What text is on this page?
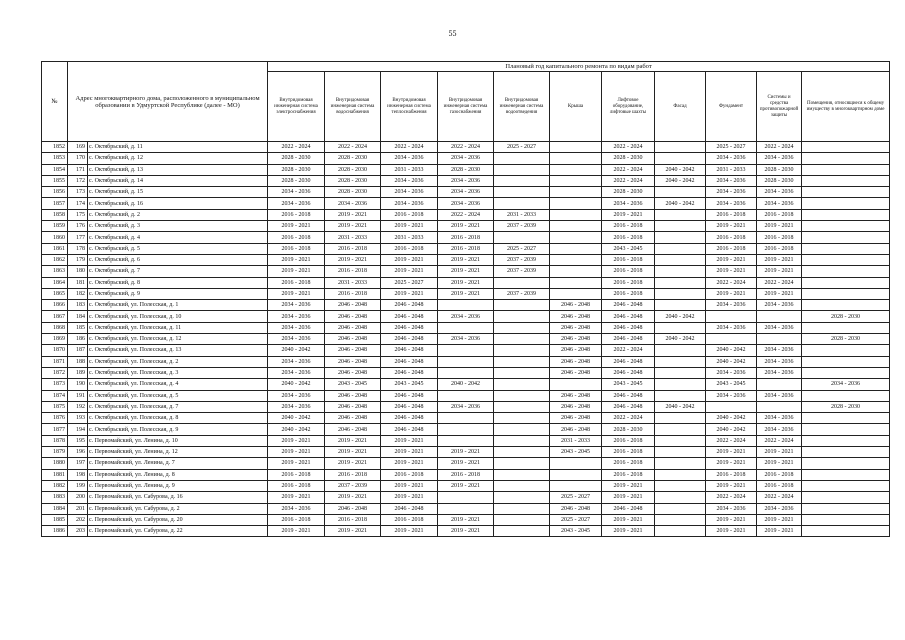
55
№	Адрес многоквартирного дома, расположенного в муниципальном образовании в Удмуртской Республике (далее - МО)		Плановый год капитального ремонта по видам работ										
			Внутридомовая инженерная система электроснабжения	Внутридомовая инженерная система водоснабжения	Внутридомовая инженерная система теплоснабжения	Внутридомовая инженерная система газоснабжения	Внутридомовая инженерная система водоотведения	Крыша	Лифтовое оборудование, лифтовые шахты	Фасад	Фундамент	Системы и средства противопожарной защиты	Помещения, относящиеся к общему имуществу в многоквартирном доме
1852	169	с. Октябрьский, д. 11	2022 - 2024	2022 - 2024	2022 - 2024	2022 - 2024	2025 - 2027		2022 - 2024		2025 - 2027	2022 - 2024	
1853	170	с. Октябрьский, д. 12	2028 - 2030	2028 - 2030	2034 - 2036	2034 - 2036			2028 - 2030		2034 - 2036	2034 - 2036	
1854	171	с. Октябрьский, д. 13	2028 - 2030	2028 - 2030	2031 - 2033	2028 - 2030			2022 - 2024	2040 - 2042	2031 - 2033	2028 - 2030	
1855	172	с. Октябрьский, д. 14	2028 - 2030	2028 - 2030	2034 - 2036	2034 - 2036			2022 - 2024	2040 - 2042	2034 - 2036	2028 - 2030	
1856	173	с. Октябрьский, д. 15	2034 - 2036	2028 - 2030	2034 - 2036	2034 - 2036			2028 - 2030		2034 - 2036	2034 - 2036	
1857	174	с. Октябрьский, д. 16	2034 - 2036	2034 - 2036	2034 - 2036	2034 - 2036			2034 - 2036	2040 - 2042	2034 - 2036	2034 - 2036	
1858	175	с. Октябрьский, д. 2	2016 - 2018	2019 - 2021	2016 - 2018	2022 - 2024	2031 - 2033		2019 - 2021		2016 - 2018	2016 - 2018	
1859	176	с. Октябрьский, д. 3	2019 - 2021	2019 - 2021	2019 - 2021	2019 - 2021	2037 - 2039		2016 - 2018		2019 - 2021	2019 - 2021	
1860	177	с. Октябрьский, д. 4	2016 - 2018	2031 - 2033	2031 - 2033	2016 - 2018			2016 - 2018		2016 - 2018	2016 - 2018	
1861	178	с. Октябрьский, д. 5	2016 - 2018	2016 - 2018	2016 - 2018	2016 - 2018	2025 - 2027		2043 - 2045		2016 - 2018	2016 - 2018	
1862	179	с. Октябрьский, д. 6	2019 - 2021	2019 - 2021	2019 - 2021	2019 - 2021	2037 - 2039		2016 - 2018		2019 - 2021	2019 - 2021	
1863	180	с. Октябрьский, д. 7	2019 - 2021	2016 - 2018	2019 - 2021	2019 - 2021	2037 - 2039		2016 - 2018		2019 - 2021	2019 - 2021	
1864	181	с. Октябрьский, д. 8	2016 - 2018	2031 - 2033	2025 - 2027	2019 - 2021			2016 - 2018		2022 - 2024	2022 - 2024	
1865	182	с. Октябрьский, д. 9	2019 - 2021	2016 - 2018	2019 - 2021	2019 - 2021	2037 - 2039		2016 - 2018		2019 - 2021	2019 - 2021	
1866	183	с. Октябрьский, ул. Полесская, д. 1	2034 - 2036	2046 - 2048	2046 - 2048			2046 - 2048	2046 - 2048		2034 - 2036	2034 - 2036	
1867	184	с. Октябрьский, ул. Полесская, д. 10	2034 - 2036	2046 - 2048	2046 - 2048	2034 - 2036		2046 - 2048	2046 - 2048	2040 - 2042			2028 - 2030
1868	185	с. Октябрьский, ул. Полесская, д. 11	2034 - 2036	2046 - 2048	2046 - 2048			2046 - 2048	2046 - 2048		2034 - 2036	2034 - 2036	
1869	186	с. Октябрьский, ул. Полесская, д. 12	2034 - 2036	2046 - 2048	2046 - 2048	2034 - 2036		2046 - 2048	2046 - 2048	2040 - 2042			2028 - 2030
1870	187	с. Октябрьский, ул. Полесская, д. 13	2040 - 2042	2046 - 2048	2046 - 2048			2046 - 2048	2022 - 2024		2040 - 2042	2034 - 2036	
1871	188	с. Октябрьский, ул. Полесская, д. 2	2034 - 2036	2046 - 2048	2046 - 2048			2046 - 2048	2046 - 2048		2040 - 2042	2034 - 2036	
1872	189	с. Октябрьский, ул. Полесская, д. 3	2034 - 2036	2046 - 2048	2046 - 2048			2046 - 2048	2046 - 2048		2034 - 2036	2034 - 2036	
1873	190	с. Октябрьский, ул. Полесская, д. 4	2040 - 2042	2043 - 2045	2043 - 2045	2040 - 2042			2043 - 2045		2043 - 2045		2034 - 2036
1874	191	с. Октябрьский, ул. Полесская, д. 5	2034 - 2036	2046 - 2048	2046 - 2048			2046 - 2048	2046 - 2048		2034 - 2036	2034 - 2036	
1875	192	с. Октябрьский, ул. Полесская, д. 7	2034 - 2036	2046 - 2048	2046 - 2048	2034 - 2036		2046 - 2048	2046 - 2048	2040 - 2042			2028 - 2030
1876	193	с. Октябрьский, ул. Полесская, д. 8	2040 - 2042	2046 - 2048	2046 - 2048			2046 - 2048	2022 - 2024		2040 - 2042	2034 - 2036	
1877	194	с. Октябрьский, ул. Полесская, д. 9	2040 - 2042	2046 - 2048	2046 - 2048			2046 - 2048	2028 - 2030		2040 - 2042	2034 - 2036	
1878	195	с. Первомайский, ул. Ленина, д. 10	2019 - 2021	2019 - 2021	2019 - 2021			2031 - 2033	2016 - 2018		2022 - 2024	2022 - 2024	
1879	196	с. Первомайский, ул. Ленина, д. 12	2019 - 2021	2019 - 2021	2019 - 2021	2019 - 2021		2043 - 2045	2016 - 2018		2019 - 2021	2019 - 2021	
1880	197	с. Первомайский, ул. Ленина, д. 7	2019 - 2021	2019 - 2021	2019 - 2021	2019 - 2021			2016 - 2018		2019 - 2021	2019 - 2021	
1881	198	с. Первомайский, ул. Ленина, д. 8	2016 - 2018	2016 - 2018	2016 - 2018	2016 - 2018			2016 - 2018		2016 - 2018	2016 - 2018	
1882	199	с. Первомайский, ул. Ленина, д. 9	2016 - 2018	2037 - 2039	2019 - 2021	2019 - 2021			2019 - 2021		2019 - 2021	2016 - 2018	
1883	200	с. Первомайский, ул. Сабурова, д. 16	2019 - 2021	2019 - 2021	2019 - 2021			2025 - 2027	2019 - 2021		2022 - 2024	2022 - 2024	
1884	201	с. Первомайский, ул. Сабурова, д. 2	2034 - 2036	2046 - 2048	2046 - 2048			2046 - 2048	2046 - 2048		2034 - 2036	2034 - 2036	
1885	202	с. Первомайский, ул. Сабурова, д. 20	2016 - 2018	2016 - 2018	2016 - 2018	2019 - 2021		2025 - 2027	2019 - 2021		2019 - 2021	2019 - 2021	
1886	203	с. Первомайский, ул. Сабурова, д. 22	2019 - 2021	2019 - 2021	2019 - 2021	2019 - 2021		2043 - 2045	2019 - 2021		2019 - 2021	2019 - 2021	
